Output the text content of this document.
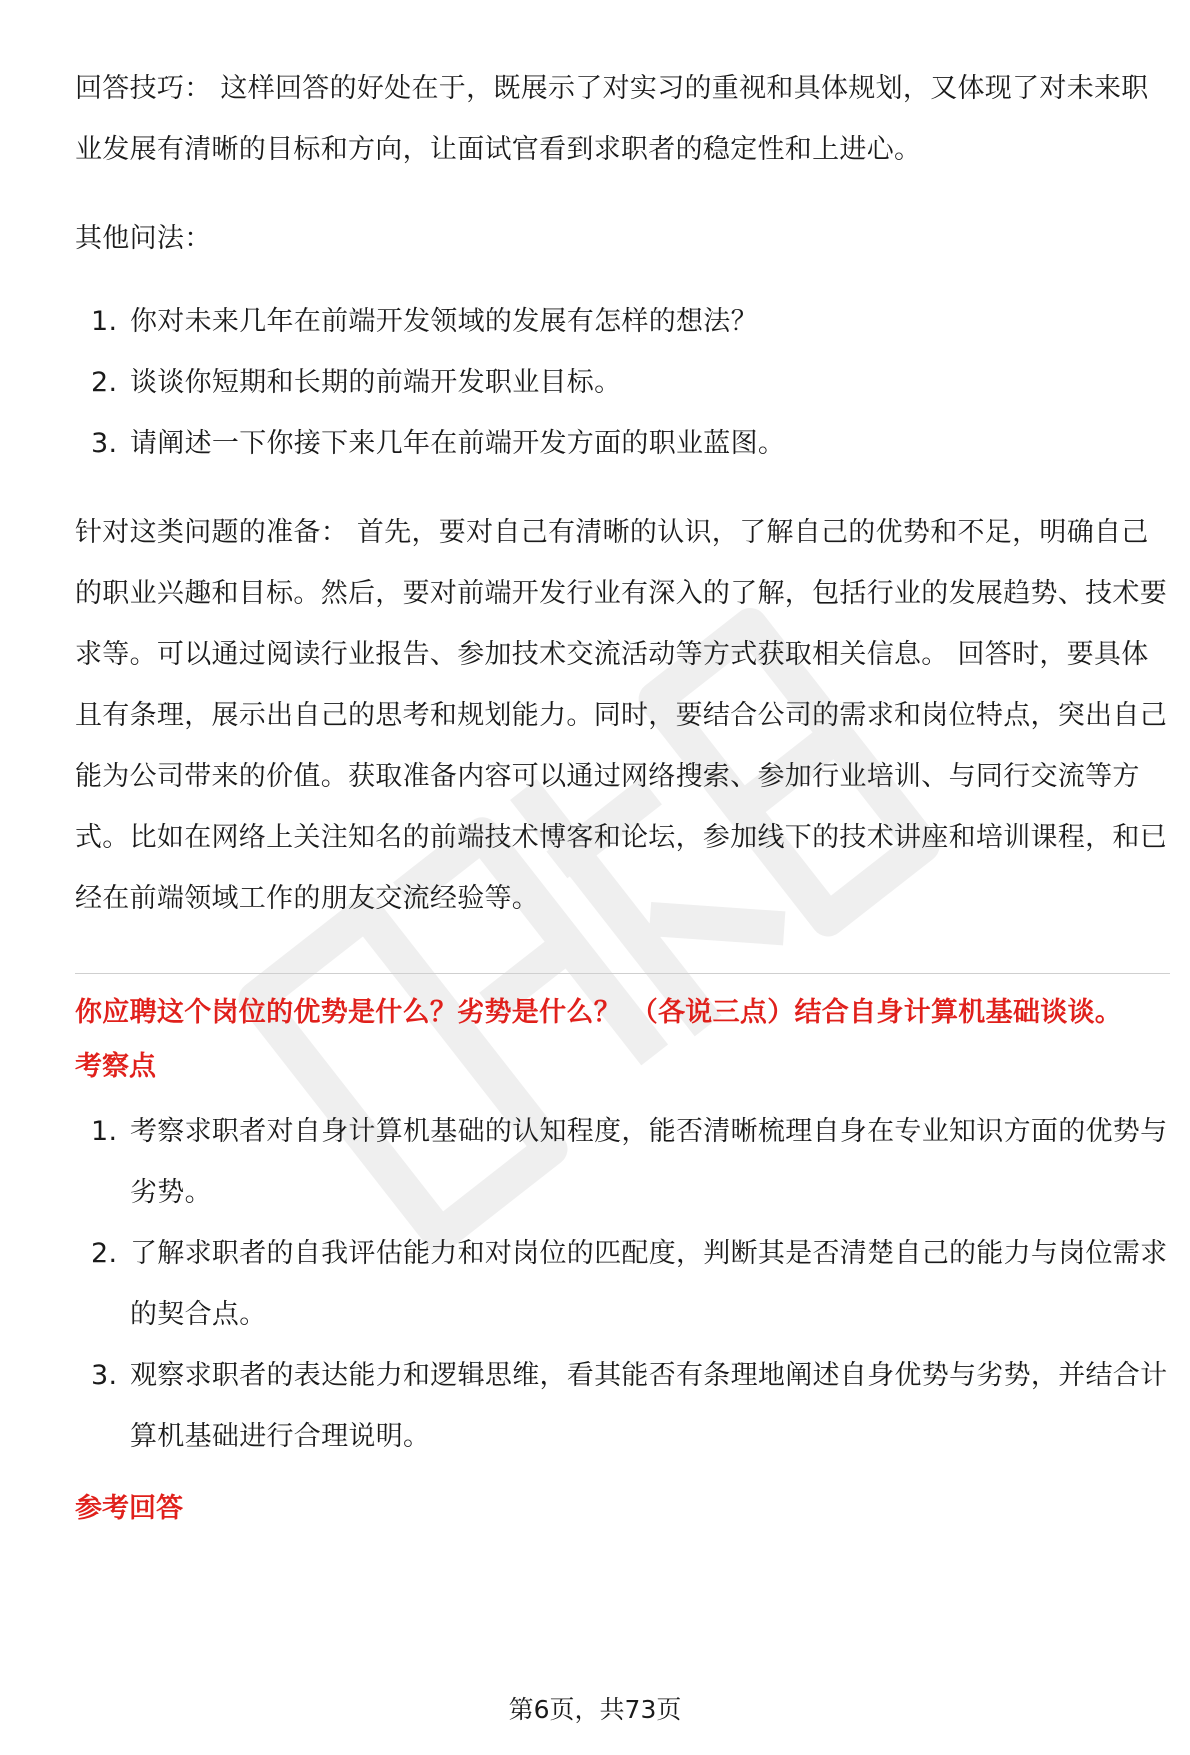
回答技巧： 这样回答的好处在于，既展示了对实习的重视和具体规划，又体现了对未来职业发展有清晰的目标和方向，让面试官看到求职者的稳定性和上进心。

其他问法：

1. 你对未来几年在前端开发领域的发展有怎样的想法？
2. 谈谈你短期和长期的前端开发职业目标。
3. 请阐述一下你接下来几年在前端开发方面的职业蓝图。

针对这类问题的准备： 首先，要对自己有清晰的认识，了解自己的优势和不足，明确自己的职业兴趣和目标。然后，要对前端开发行业有深入的了解，包括行业的发展趋势、技术要求等。可以通过阅读行业报告、参加技术交流活动等方式获取相关信息。 回答时，要具体且有条理，展示出自己的思考和规划能力。同时，要结合公司的需求和岗位特点，突出自己能为公司带来的价值。获取准备内容可以通过网络搜索、参加行业培训、与同行交流等方式。比如在网络上关注知名的前端技术博客和论坛，参加线下的技术讲座和培训课程，和已经在前端领域工作的朋友交流经验等。

你应聘这个岗位的优势是什么？劣势是什么？ （各说三点）结合自身计算机基础谈谈。

考察点

1. 考察求职者对自身计算机基础的认知程度，能否清晰梳理自身在专业知识方面的优势与劣势。
2. 了解求职者的自我评估能力和对岗位的匹配度，判断其是否清楚自己的能力与岗位需求的契合点。
3. 观察求职者的表达能力和逻辑思维，看其能否有条理地阐述自身优势与劣势，并结合计算机基础进行合理说明。

参考回答

第6页，共73页
